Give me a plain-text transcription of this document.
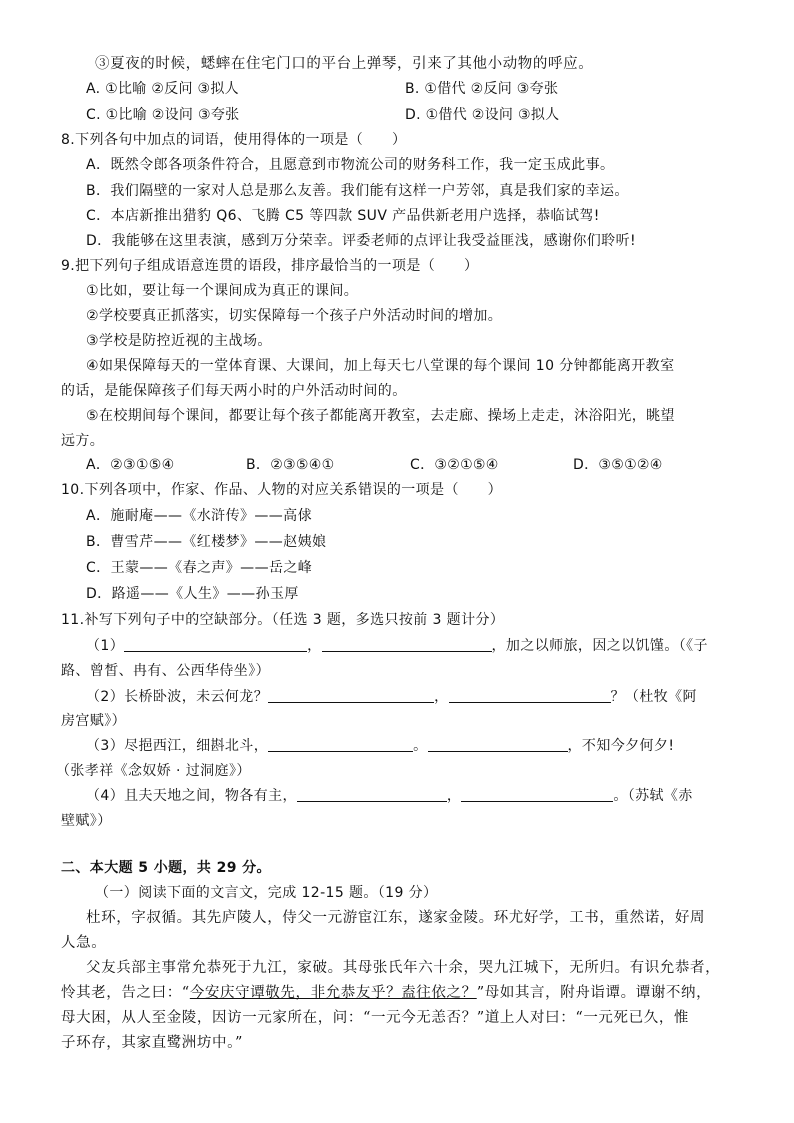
③夏夜的时候，蟋蟀在住宅门口的平台上弹琴，引来了其他小动物的呼应。
A. ①比喻 ②反问 ③拟人	B. ①借代 ②反问 ③夸张
C. ①比喻 ②设问 ③夸张	D. ①借代 ②设问 ③拟人
8.下列各句中加点的词语，使用得体的一项是（　　）
A．既然令郎各项条件符合，且愿意到市物流公司的财务科工作，我一定玉成此事。
B．我们隔壁的一家对人总是那么友善。我们能有这样一户芳邻，真是我们家的幸运。
C．本店新推出猎豹 Q6、飞腾 C5 等四款 SUV 产品供新老用户选择，恭临试驾!
D．我能够在这里表演，感到万分荣幸。评委老师的点评让我受益匪浅，感谢你们聆听!
9.把下列句子组成语意连贯的语段，排序最恰当的一项是（　　）
①比如，要让每一个课间成为真正的课间。
②学校要真正抓落实，切实保障每一个孩子户外活动时间的增加。
③学校是防控近视的主战场。
④如果保障每天的一堂体育课、大课间，加上每天七八堂课的每个课间 10 分钟都能离开教室
的话，是能保障孩子们每天两小时的户外活动时间的。
⑤在校期间每个课间，都要让每个孩子都能离开教室，去走廊、操场上走走，沐浴阳光，眺望
远方。
A．②③①⑤④	B．②③⑤④①	C．③②①⑤④	D．③⑤①②④
10.下列各项中，作家、作品、人物的对应关系错误的一项是（　　）
A．施耐庵——《水浒传》——高俅
B．曹雪芹——《红楼梦》——赵姨娘
C．王蒙——《春之声》——岳之峰
D．路遥——《人生》——孙玉厚
11.补写下列句子中的空缺部分。（任选 3 题，多选只按前 3 题计分）
（1）	，	，加之以师旅，因之以饥馑。（《子
路、曾皙、冉有、公西华侍坐》）
（2）长桥卧波，未云何龙？	，	？（杜牧《阿
房宫赋》）
（3）尽挹西江，细斟北斗，	。	，不知今夕何夕!
（张孝祥《念奴娇 · 过洞庭》）
（4）且夫天地之间，物各有主，	，	。（苏轼《赤
壁赋》）
二、本大题 5 小题，共 29 分。
（一）阅读下面的文言文，完成 12-15 题。（19 分）
杜环，字叔循。其先庐陵人，侍父一元游宦江东，遂家金陵。环尤好学，工书，重然诺，好周
人急。
父友兵部主事常允恭死于九江，家破。其母张氏年六十余，哭九江城下，无所归。有识允恭者，
怜其老，告之曰：“今安庆守谭敬先，非允恭友乎？盍往依之？”母如其言，附舟诣谭。谭谢不纳，
母大困，从人至金陵，因访一元家所在，问：“一元今无恙否？”道上人对曰：“一元死已久，惟
子环存，其家直鹭洲坊中。”
